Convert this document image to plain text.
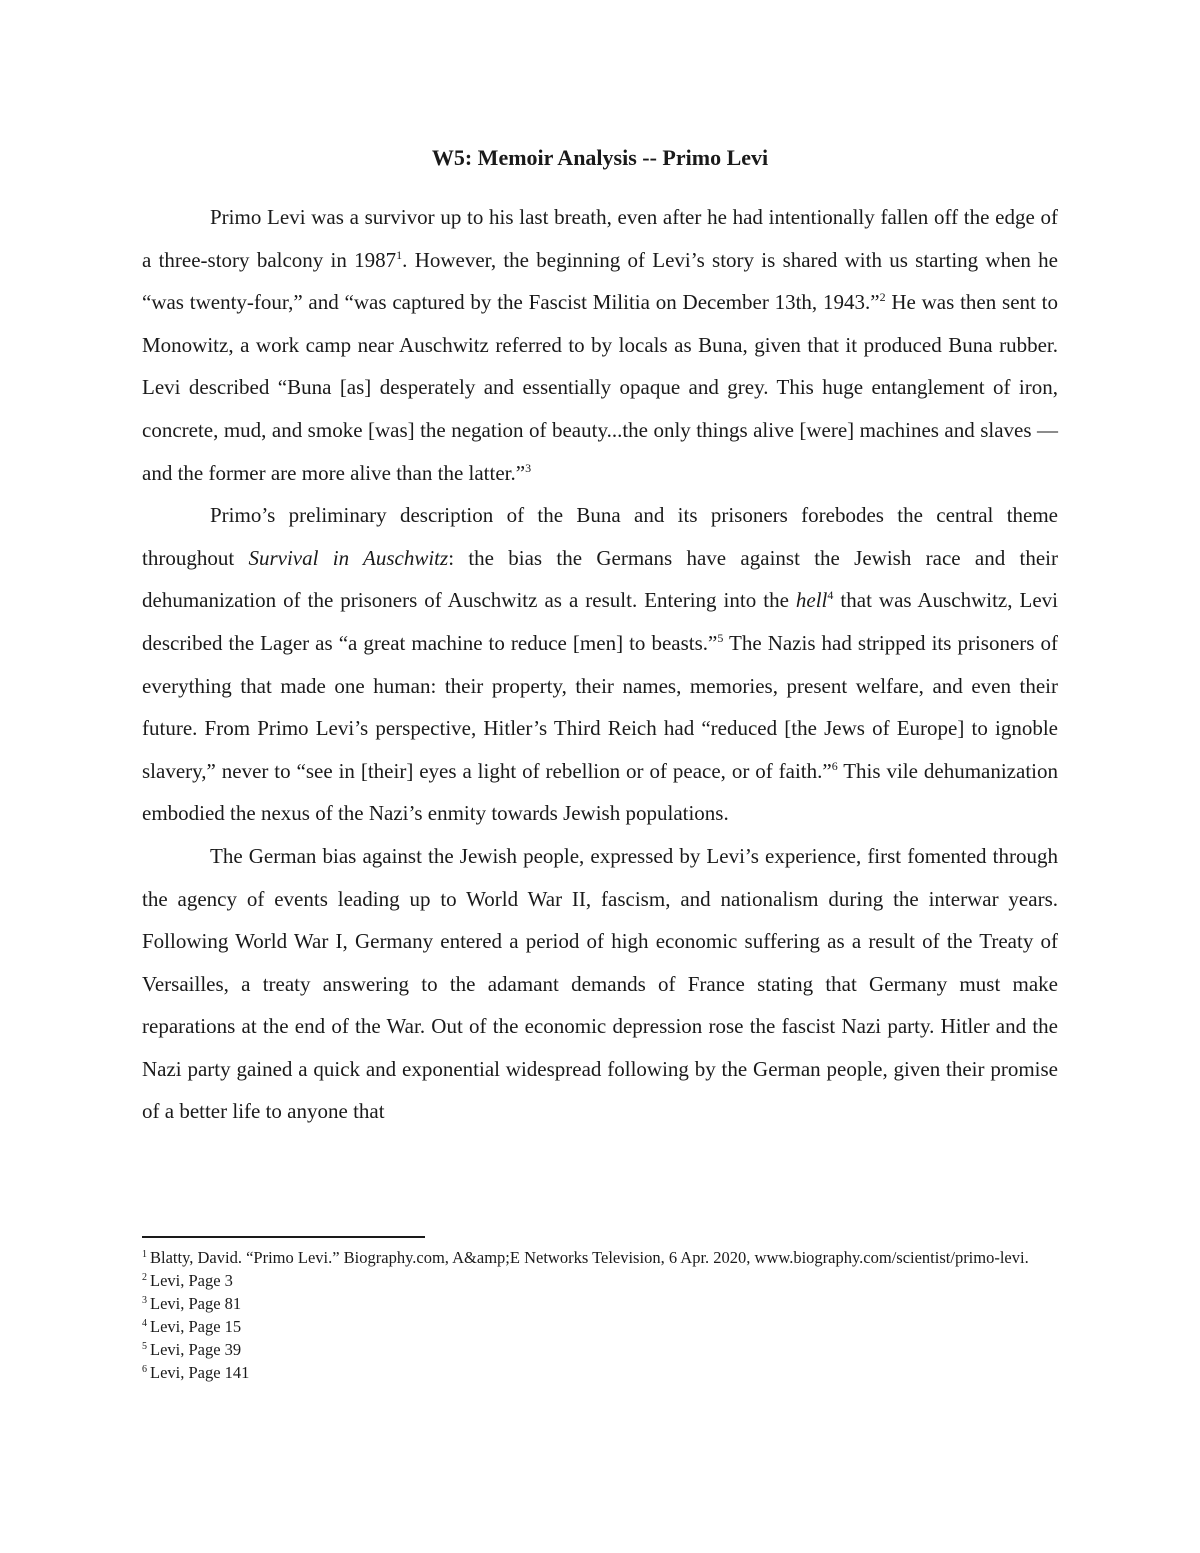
W5: Memoir Analysis -- Primo Levi

Primo Levi was a survivor up to his last breath, even after he had intentionally fallen off the edge of a three-story balcony in 1987$^1$. However, the beginning of Levi’s story is shared with us starting when he “was twenty-four,” and “was captured by the Fascist Militia on December 13th, 1943.”$^2$ He was then sent to Monowitz, a work camp near Auschwitz referred to by locals as Buna, given that it produced Buna rubber. Levi described “Buna [as] desperately and essentially opaque and grey. This huge entanglement of iron, concrete, mud, and smoke [was] the negation of beauty...the only things alive [were] machines and slaves — and the former are more alive than the latter.”$^3$

Primo’s preliminary description of the Buna and its prisoners forebodes the central theme throughout Survival in Auschwitz: the bias the Germans have against the Jewish race and their dehumanization of the prisoners of Auschwitz as a result. Entering into the hell$^4$ that was Auschwitz, Levi described the Lager as “a great machine to reduce [men] to beasts.”$^5$ The Nazis had stripped its prisoners of everything that made one human: their property, their names, memories, present welfare, and even their future. From Primo Levi’s perspective, Hitler’s Third Reich had “reduced [the Jews of Europe] to ignoble slavery,” never to “see in [their] eyes a light of rebellion or of peace, or of faith.”$^6$ This vile dehumanization embodied the nexus of the Nazi’s enmity towards Jewish populations.

The German bias against the Jewish people, expressed by Levi’s experience, first fomented through the agency of events leading up to World War II, fascism, and nationalism during the interwar years. Following World War I, Germany entered a period of high economic suffering as a result of the Treaty of Versailles, a treaty answering to the adamant demands of France stating that Germany must make reparations at the end of the War. Out of the economic depression rose the fascist Nazi party. Hitler and the Nazi party gained a quick and exponential widespread following by the German people, given their promise of a better life to anyone that

$^1$ Blatty, David. “Primo Levi.” Biography.com, A&amp;E Networks Television, 6 Apr. 2020, www.biography.com/scientist/primo-levi.
$^2$ Levi, Page 3
$^3$ Levi, Page 81
$^4$ Levi, Page 15
$^5$ Levi, Page 39
$^6$ Levi, Page 141
